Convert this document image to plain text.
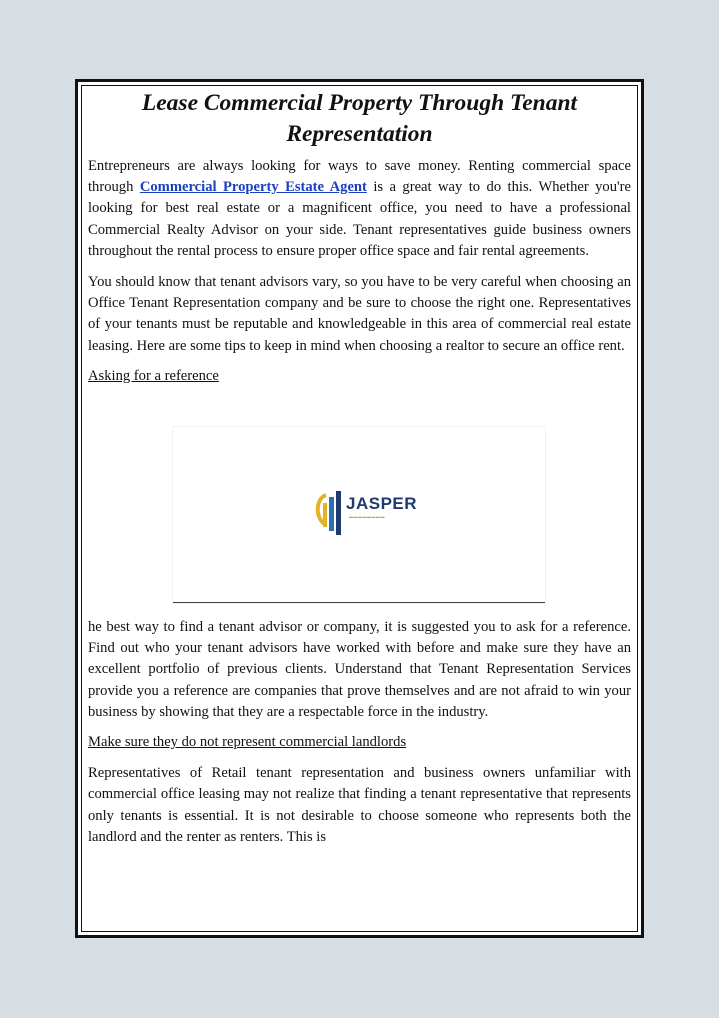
Lease Commercial Property Through Tenant Representation

Entrepreneurs are always looking for ways to save money. Renting commercial space through Commercial Property Estate Agent is a great way to do this. Whether you're looking for best real estate or a magnificent office, you need to have a professional Commercial Realty Advisor on your side. Tenant representatives guide business owners throughout the rental process to ensure proper office space and fair rental agreements.

You should know that tenant advisors vary, so you have to be very careful when choosing an Office Tenant Representation company and be sure to choose the right one. Representatives of your tenants must be reputable and knowledgeable in this area of commercial real estate leasing. Here are some tips to keep in mind when choosing a realtor to secure an office rent.

Asking for a reference

JASPER
▬▬▬▬▬▬▬▬

he best way to find a tenant advisor or company, it is suggested you to ask for a reference. Find out who your tenant advisors have worked with before and make sure they have an excellent portfolio of previous clients. Understand that Tenant Representation Services provide you a reference are companies that prove themselves and are not afraid to win your business by showing that they are a respectable force in the industry.

Make sure they do not represent commercial landlords

Representatives of Retail tenant representation and business owners unfamiliar with commercial office leasing may not realize that finding a tenant representative that represents only tenants is essential. It is not desirable to choose someone who represents both the landlord and the renter as renters. This is
